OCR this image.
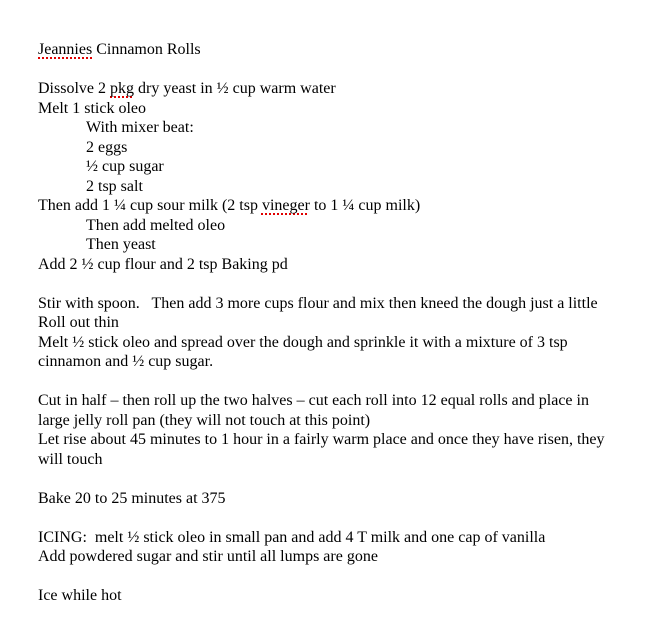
Jeannies Cinnamon Rolls
Dissolve 2 pkg dry yeast in ½ cup warm water
Melt 1 stick oleo
With mixer beat:
2 eggs
½ cup sugar
2 tsp salt
Then add 1 ¼ cup sour milk (2 tsp vineger to 1 ¼ cup milk)
Then add melted oleo
Then yeast
Add 2 ½ cup flour and 2 tsp Baking pd
Stir with spoon.   Then add 3 more cups flour and mix then kneed the dough just a little
Roll out thin
Melt ½ stick oleo and spread over the dough and sprinkle it with a mixture of 3 tsp
cinnamon and ½ cup sugar.
Cut in half – then roll up the two halves – cut each roll into 12 equal rolls and place in
large jelly roll pan (they will not touch at this point)
Let rise about 45 minutes to 1 hour in a fairly warm place and once they have risen, they
will touch
Bake 20 to 25 minutes at 375
ICING:  melt ½ stick oleo in small pan and add 4 T milk and one cap of vanilla
Add powdered sugar and stir until all lumps are gone
Ice while hot
